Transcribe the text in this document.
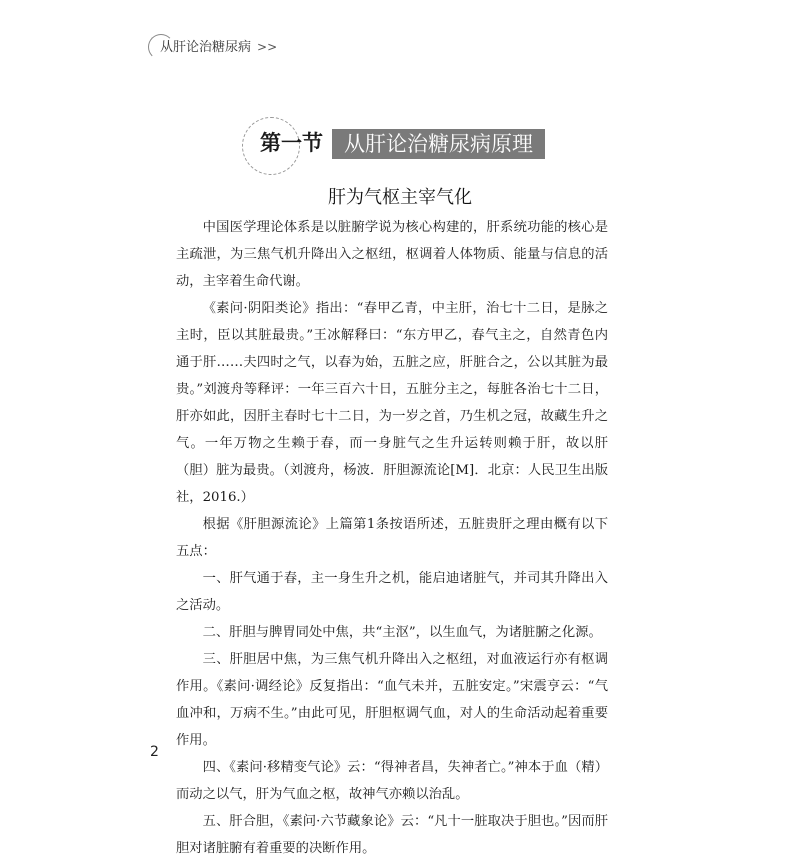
从肝论治糖尿病 >>
第一节	从肝论治糖尿病原理
肝为气枢主宰气化

中国医学理论体系是以脏腑学说为核心构建的，肝系统功能的核心是主疏泄，为三焦气机升降出入之枢纽，枢调着人体物质、能量与信息的活动，主宰着生命代谢。

《素问·阴阳类论》指出：“春甲乙青，中主肝，治七十二日，是脉之主时，臣以其脏最贵。”王冰解释曰：“东方甲乙，春气主之，自然青色内通于肝……夫四时之气，以春为始，五脏之应，肝脏合之，公以其脏为最贵。”刘渡舟等释评：一年三百六十日，五脏分主之，每脏各治七十二日，肝亦如此，因肝主春时七十二日，为一岁之首，乃生机之冠，故藏生升之气。一年万物之生赖于春，而一身脏气之生升运转则赖于肝，故以肝（胆）脏为最贵。（刘渡舟，杨波．肝胆源流论[M]．北京：人民卫生出版社，2016.）

根据《肝胆源流论》上篇第1条按语所述，五脏贵肝之理由概有以下五点：

一、肝气通于春，主一身生升之机，能启迪诸脏气，并司其升降出入之活动。

二、肝胆与脾胃同处中焦，共“主沤”，以生血气，为诸脏腑之化源。

三、肝胆居中焦，为三焦气机升降出入之枢纽，对血液运行亦有枢调作用。《素问·调经论》反复指出：“血气未并，五脏安定。”宋震亨云：“气血冲和，万病不生。”由此可见，肝胆枢调气血，对人的生命活动起着重要作用。

四、《素问·移精变气论》云：“得神者昌，失神者亡。”神本于血（精）而动之以气，肝为气血之枢，故神气亦赖以治乱。

五、肝合胆，《素问·六节藏象论》云：“凡十一脏取决于胆也。”因而肝胆对诸脏腑有着重要的决断作用。

2
